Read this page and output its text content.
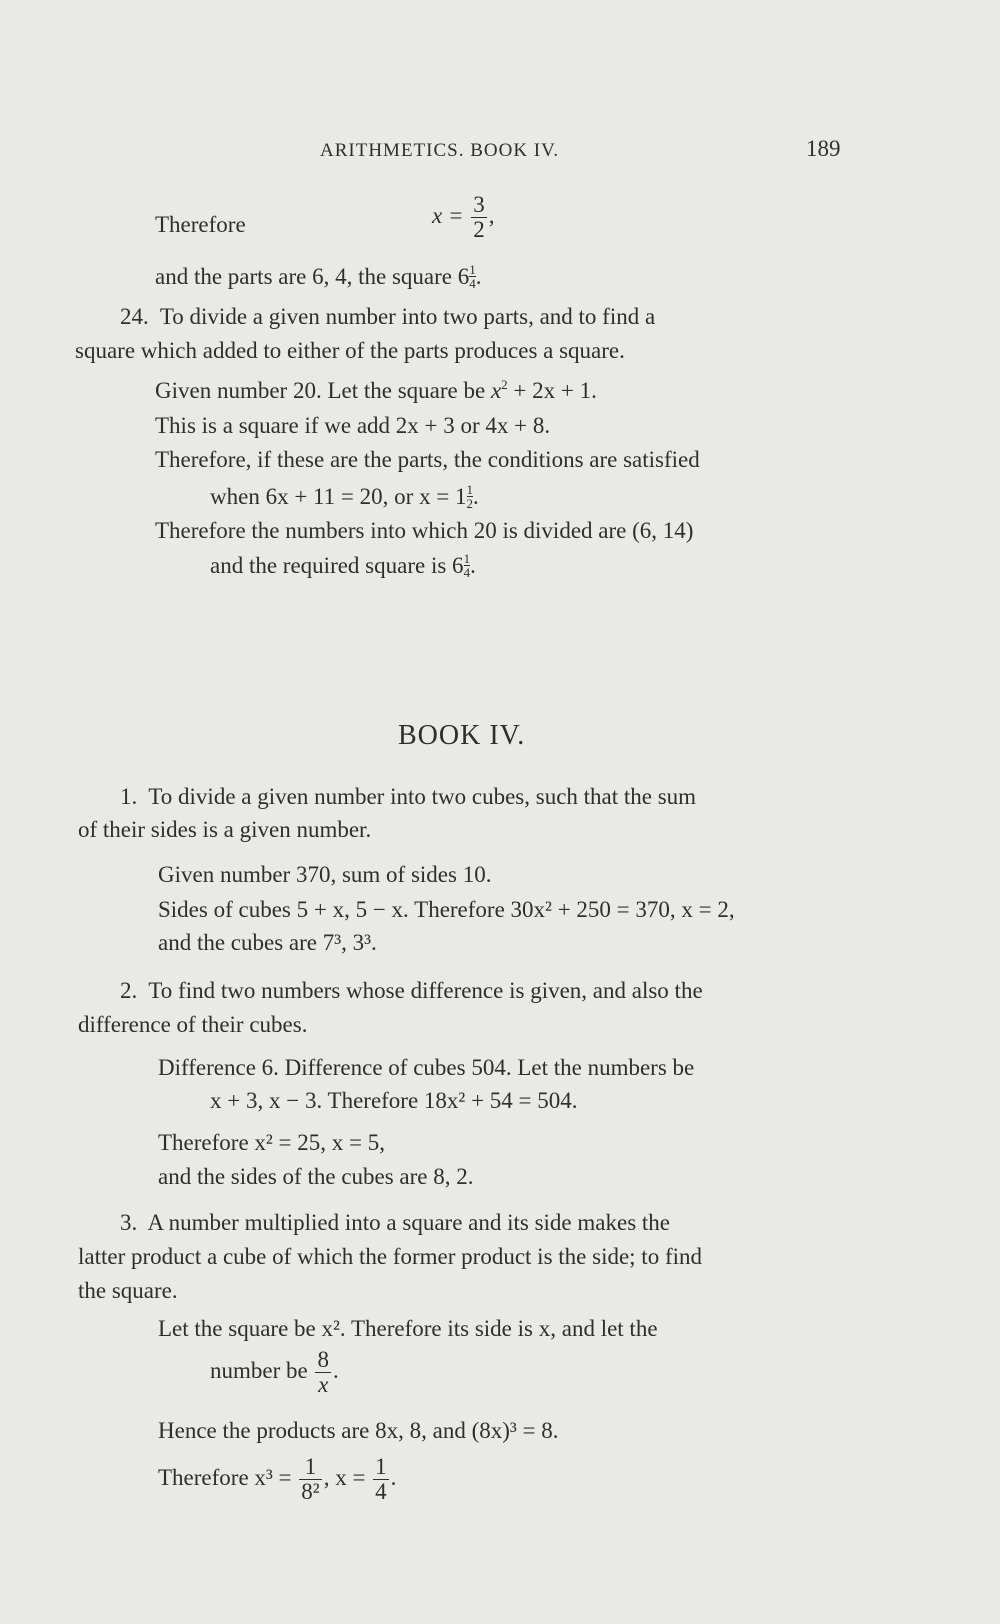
ARITHMETICS. BOOK IV.	189
Therefore	$x = \frac{3}{2}$ ,
and the parts are 6, 4, the square $6 \frac{1}{4}$ .
24. To divide a given number into two parts, and to find a
square which added to either of the parts produces a square.
Given number 20. Let the square be $x^2 + 2x + 1$.
This is a square if we add 2x + 3 or 4x + 8.
Therefore, if these are the parts, the conditions are satisfied
when 6x + 11 = 20, or $x = 1 \frac{1}{2}$ .
Therefore the numbers into which 20 is divided are (6, 14)
and the required square is $6 \frac{1}{4}$ .
BOOK IV.
1. To divide a given number into two cubes, such that the sum
of their sides is a given number.
Given number 370, sum of sides 10.
Sides of cubes 5 + x, 5 − x. Therefore 30x² + 250 = 370, x = 2,
and the cubes are 7³, 3³.
2. To find two numbers whose difference is given, and also the
difference of their cubes.
Difference 6. Difference of cubes 504. Let the numbers be
x + 3, x − 3. Therefore 18x² + 54 = 504.
Therefore x² = 25, x = 5,
and the sides of the cubes are 8, 2.
3. A number multiplied into a square and its side makes the
latter product a cube of which the former product is the side; to find
the square.
Let the square be x². Therefore its side is x, and let the
number be $\frac{8}{x}$ .
Hence the products are 8x, 8, and (8x)³ = 8.
Therefore $x^3 = \frac{1}{\text{8²}}$ , $x = \frac{1}{4}$ .
